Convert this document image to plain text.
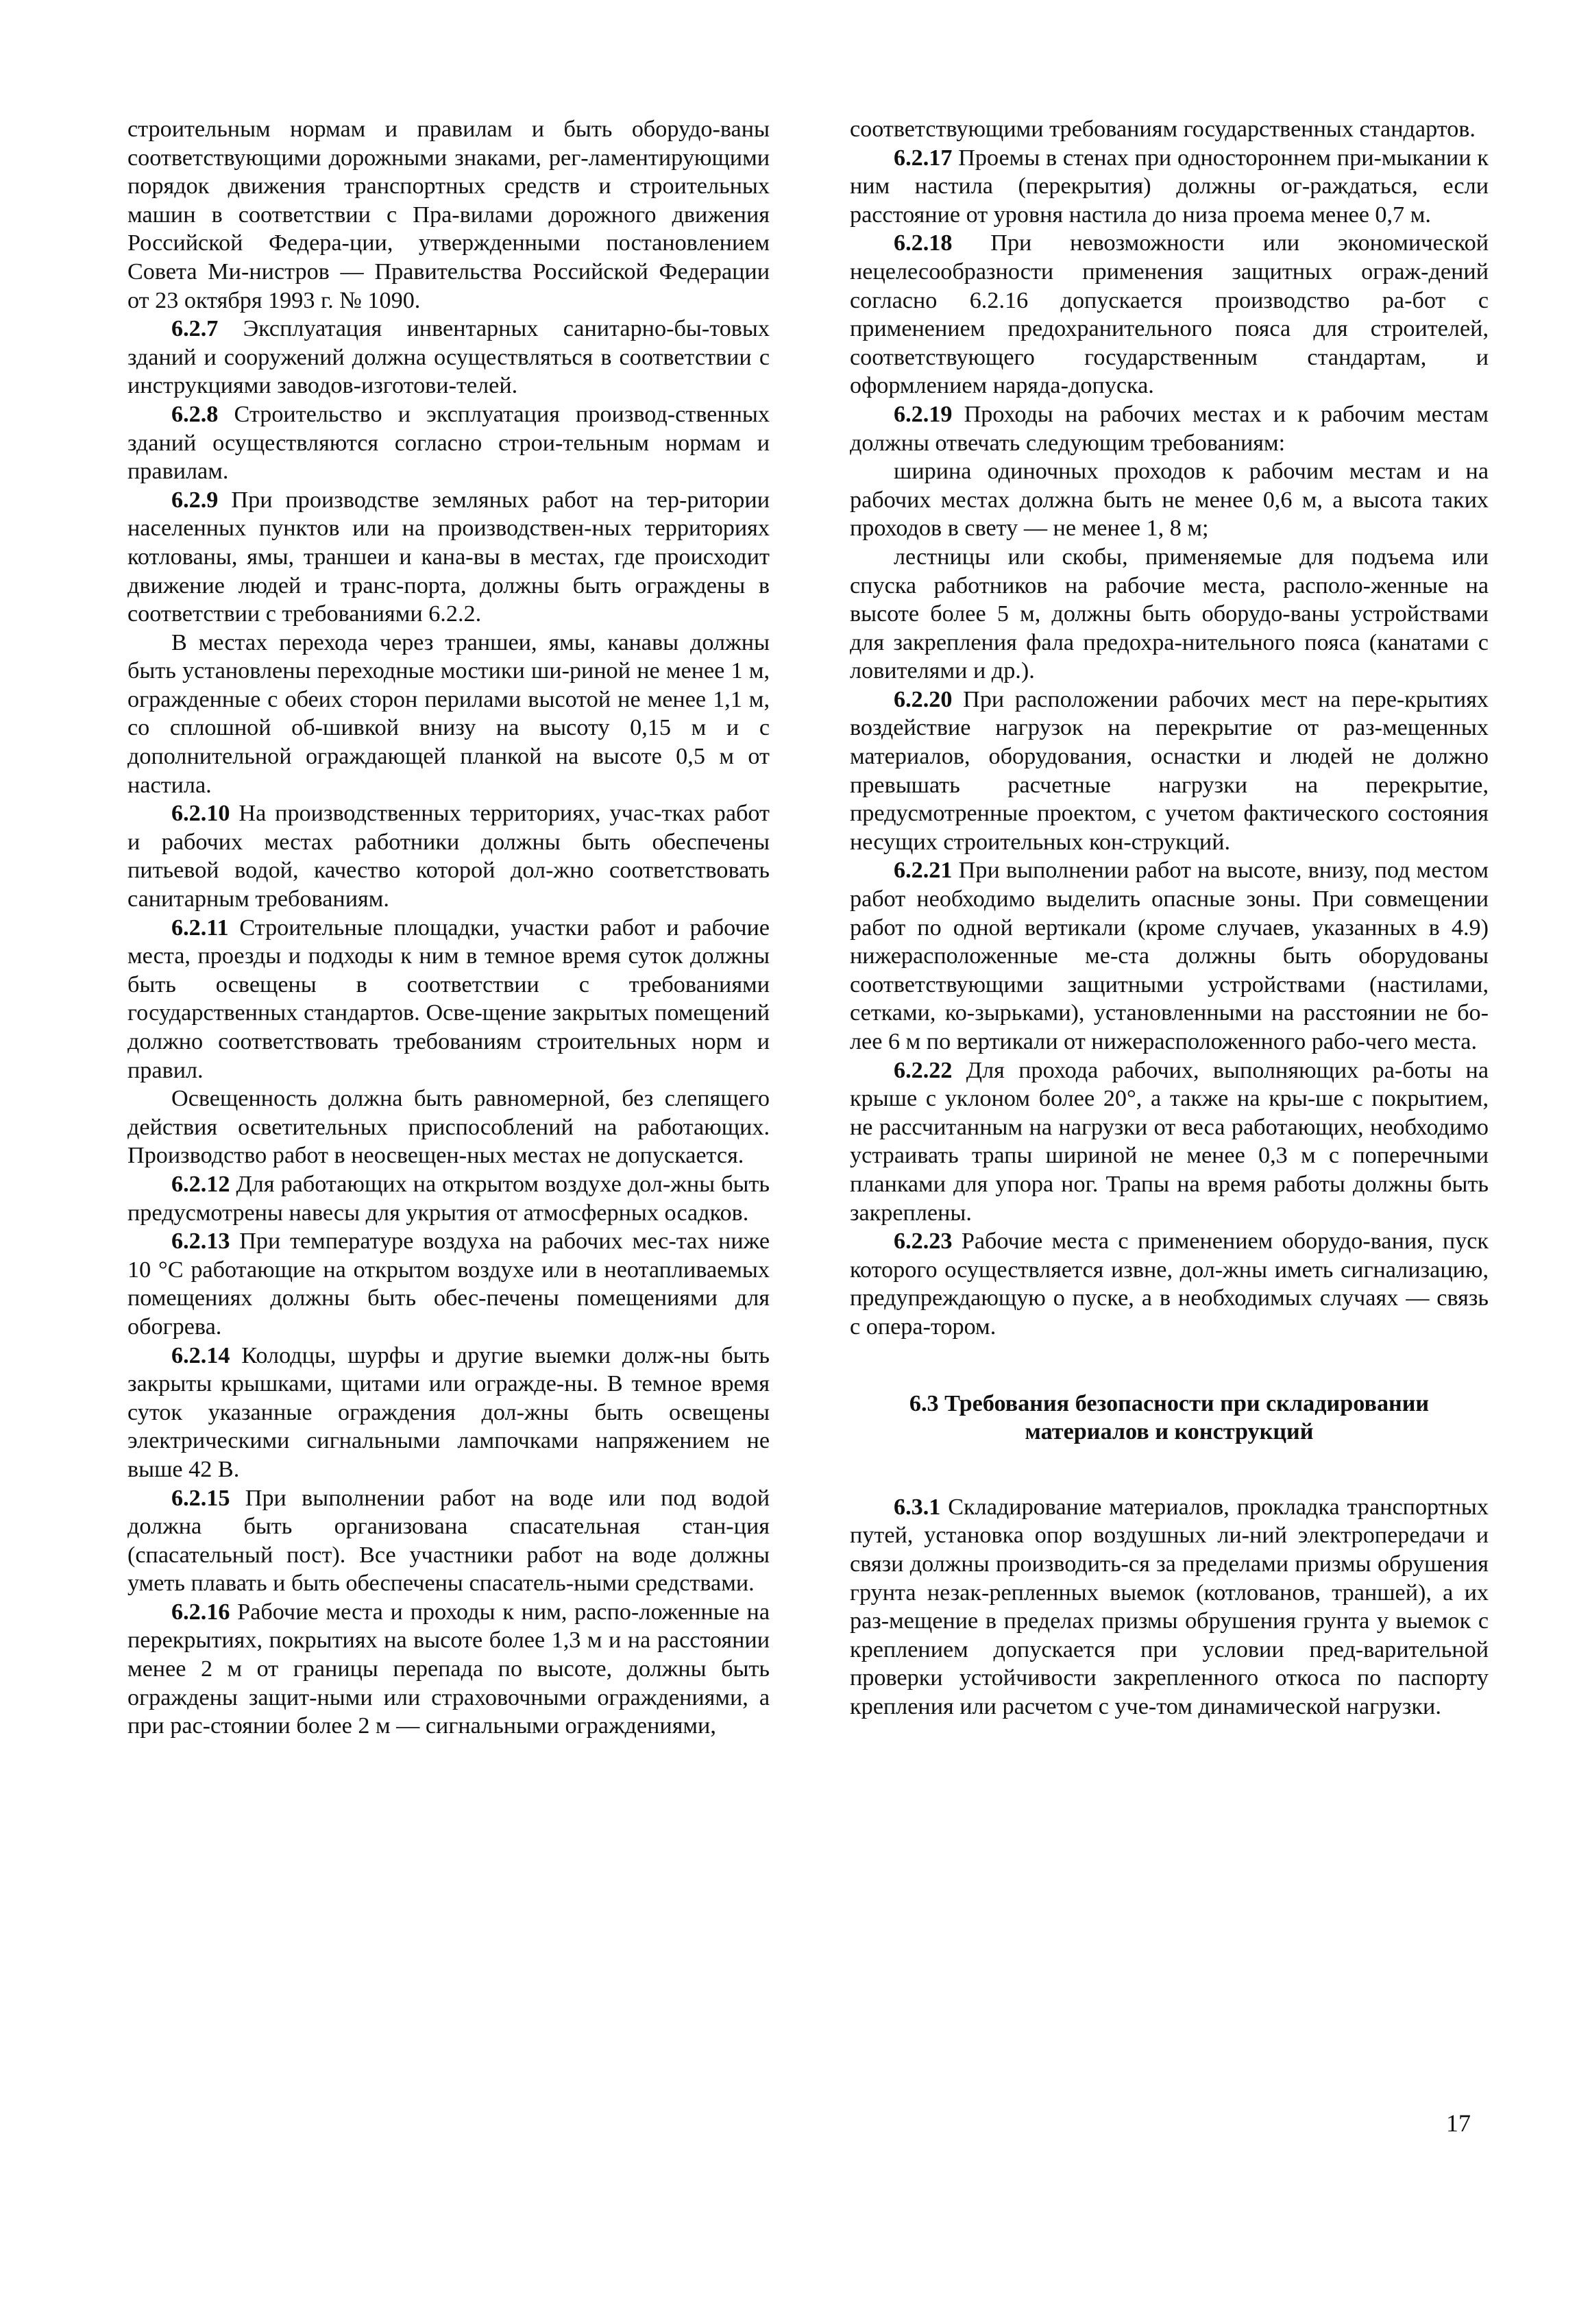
строительным нормам и правилам и быть оборудо-ваны соответствующими дорожными знаками, рег-ламентирующими порядок движения транспортных средств и строительных машин в соответствии с Пра-вилами дорожного движения Российской Федера-ции, утвержденными постановлением Совета Ми-нистров — Правительства Российской Федерации от 23 октября 1993 г. № 1090.

6.2.7 Эксплуатация инвентарных санитарно-бы-товых зданий и сооружений должна осуществляться в соответствии с инструкциями заводов-изготови-телей.

6.2.8 Строительство и эксплуатация производ-ственных зданий осуществляются согласно строи-тельным нормам и правилам.

6.2.9 При производстве земляных работ на тер-ритории населенных пунктов или на производствен-ных территориях котлованы, ямы, траншеи и кана-вы в местах, где происходит движение людей и транс-порта, должны быть ограждены в соответствии с требованиями 6.2.2.

В местах перехода через траншеи, ямы, канавы должны быть установлены переходные мостики ши-риной не менее 1 м, огражденные с обеих сторон перилами высотой не менее 1,1 м, со сплошной об-шивкой внизу на высоту 0,15 м и с дополнительной ограждающей планкой на высоте 0,5 м от настила.

6.2.10 На производственных территориях, учас-тках работ и рабочих местах работники должны быть обеспечены питьевой водой, качество которой дол-жно соответствовать санитарным требованиям.

6.2.11 Строительные площадки, участки работ и рабочие места, проезды и подходы к ним в темное время суток должны быть освещены в соответствии с требованиями государственных стандартов. Осве-щение закрытых помещений должно соответствовать требованиям строительных норм и правил.

Освещенность должна быть равномерной, без слепящего действия осветительных приспособлений на работающих. Производство работ в неосвещен-ных местах не допускается.

6.2.12 Для работающих на открытом воздухе дол-жны быть предусмотрены навесы для укрытия от атмосферных осадков.

6.2.13 При температуре воздуха на рабочих мес-тах ниже 10 °С работающие на открытом воздухе или в неотапливаемых помещениях должны быть обес-печены помещениями для обогрева.

6.2.14 Колодцы, шурфы и другие выемки долж-ны быть закрыты крышками, щитами или огражде-ны. В темное время суток указанные ограждения дол-жны быть освещены электрическими сигнальными лампочками напряжением не выше 42 В.

6.2.15 При выполнении работ на воде или под водой должна быть организована спасательная стан-ция (спасательный пост). Все участники работ на воде должны уметь плавать и быть обеспечены спасатель-ными средствами.

6.2.16 Рабочие места и проходы к ним, распо-ложенные на перекрытиях, покрытиях на высоте более 1,3 м и на расстоянии менее 2 м от границы перепада по высоте, должны быть ограждены защит-ными или страховочными ограждениями, а при рас-стоянии более 2 м — сигнальными ограждениями,

соответствующими требованиям государственных стандартов.

6.2.17 Проемы в стенах при одностороннем при-мыкании к ним настила (перекрытия) должны ог-раждаться, если расстояние от уровня настила до низа проема менее 0,7 м.

6.2.18 При невозможности или экономической нецелесообразности применения защитных ограж-дений согласно 6.2.16 допускается производство ра-бот с применением предохранительного пояса для строителей, соответствующего государственным стандартам, и оформлением наряда-допуска.

6.2.19 Проходы на рабочих местах и к рабочим местам должны отвечать следующим требованиям:

ширина одиночных проходов к рабочим местам и на рабочих местах должна быть не менее 0,6 м, а высота таких проходов в свету — не менее 1, 8 м;

лестницы или скобы, применяемые для подъема или спуска работников на рабочие места, располо-женные на высоте более 5 м, должны быть оборудо-ваны устройствами для закрепления фала предохра-нительного пояса (канатами с ловителями и др.).

6.2.20 При расположении рабочих мест на пере-крытиях воздействие нагрузок на перекрытие от раз-мещенных материалов, оборудования, оснастки и людей не должно превышать расчетные нагрузки на перекрытие, предусмотренные проектом, с учетом фактического состояния несущих строительных кон-струкций.

6.2.21 При выполнении работ на высоте, внизу, под местом работ необходимо выделить опасные зоны. При совмещении работ по одной вертикали (кроме случаев, указанных в 4.9) нижерасположенные ме-ста должны быть оборудованы соответствующими защитными устройствами (настилами, сетками, ко-зырьками), установленными на расстоянии не бо-лее 6 м по вертикали от нижерасположенного рабо-чего места.

6.2.22 Для прохода рабочих, выполняющих ра-боты на крыше с уклоном более 20°, а также на кры-ше с покрытием, не рассчитанным на нагрузки от веса работающих, необходимо устраивать трапы шириной не менее 0,3 м с поперечными планками для упора ног. Трапы на время работы должны быть закреплены.

6.2.23 Рабочие места с применением оборудо-вания, пуск которого осуществляется извне, дол-жны иметь сигнализацию, предупреждающую о пуске, а в необходимых случаях — связь с опера-тором.

6.3 Требования безопасности при складировании
материалов и конструкций

6.3.1 Складирование материалов, прокладка транспортных путей, установка опор воздушных ли-ний электропередачи и связи должны производить-ся за пределами призмы обрушения грунта незак-репленных выемок (котлованов, траншей), а их раз-мещение в пределах призмы обрушения грунта у выемок с креплением допускается при условии пред-варительной проверки устойчивости закрепленного откоса по паспорту крепления или расчетом с уче-том динамической нагрузки.

17
